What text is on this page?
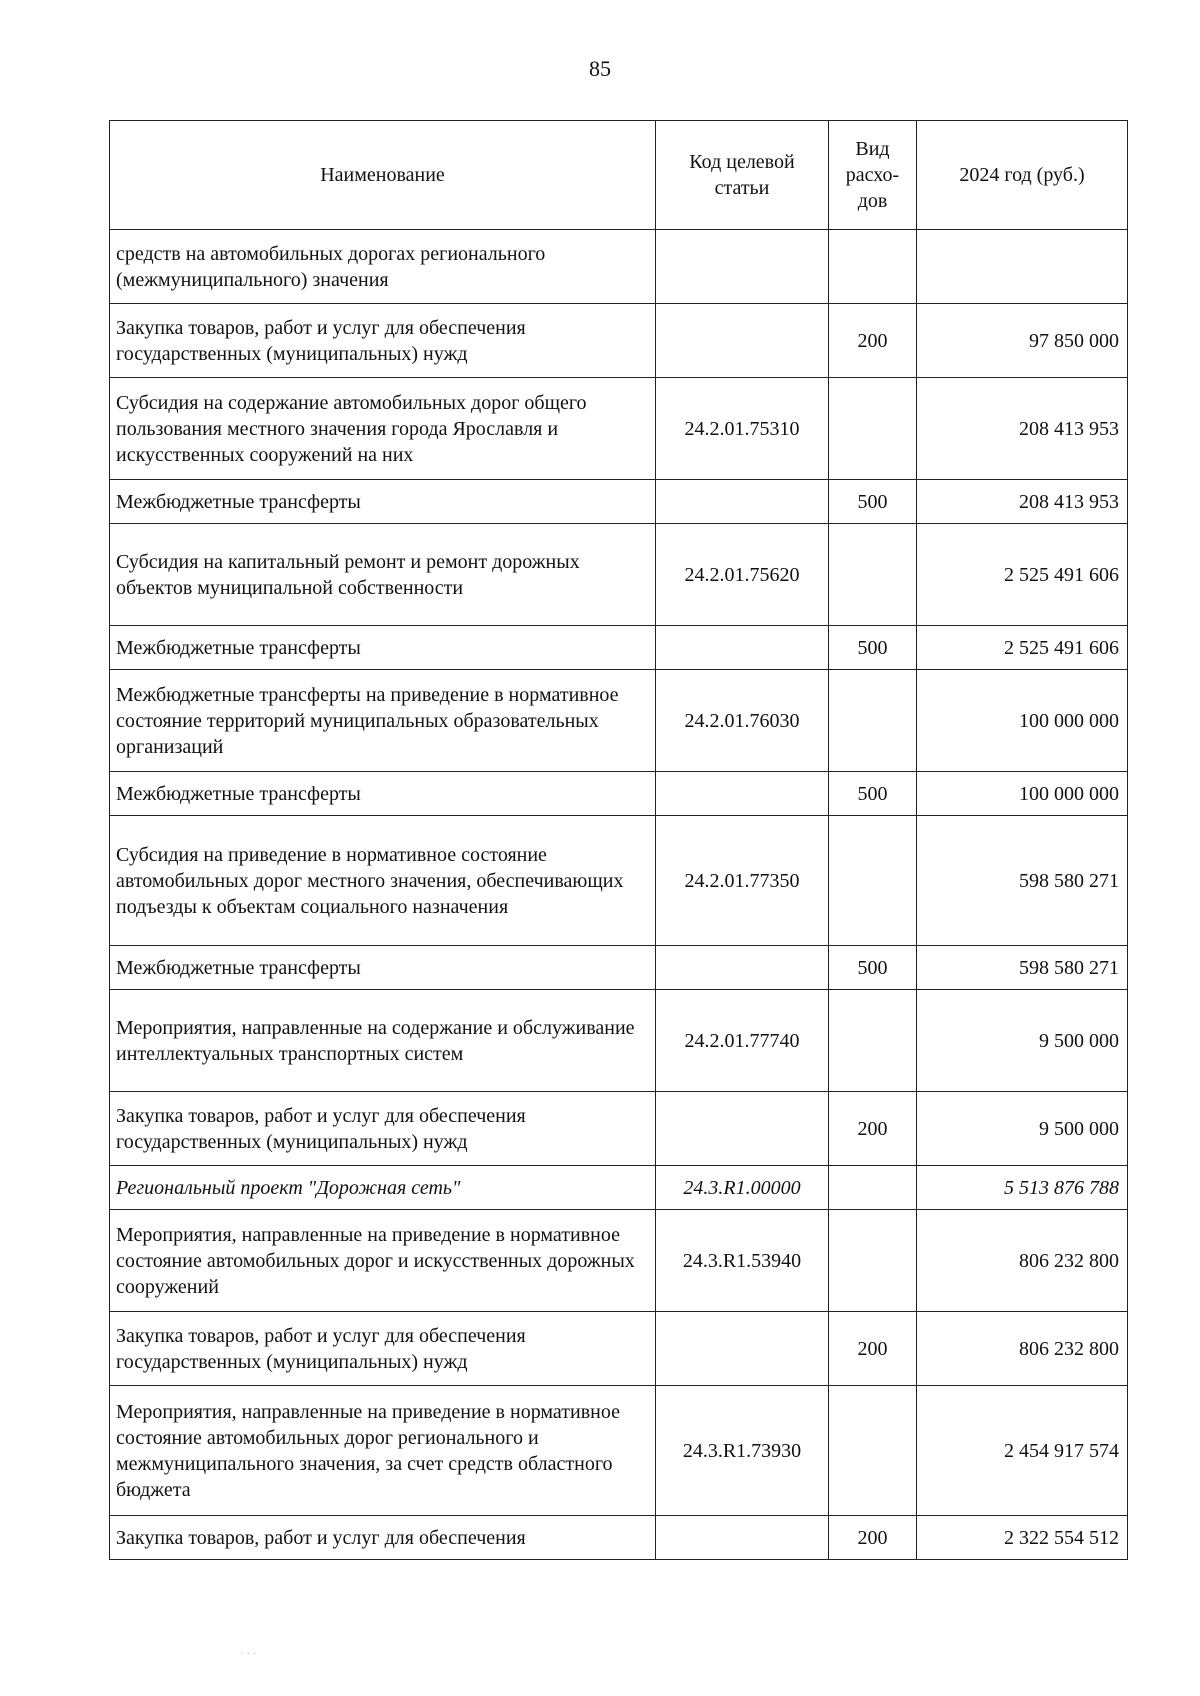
85
Наименование	Код целевой статьи	Вид расхо-дов	2024 год (руб.)
средств на автомобильных дорогах регионального (межмуниципального) значения			
Закупка товаров, работ и услуг для обеспечения государственных (муниципальных) нужд		200	97 850 000
Субсидия на содержание автомобильных дорог общего пользования местного значения города Ярославля и искусственных сооружений на них	24.2.01.75310		208 413 953
Межбюджетные трансферты		500	208 413 953
Субсидия на капитальный ремонт и ремонт дорожных объектов муниципальной собственности	24.2.01.75620		2 525 491 606
Межбюджетные трансферты		500	2 525 491 606
Межбюджетные трансферты на приведение в нормативное состояние территорий муниципальных образовательных организаций	24.2.01.76030		100 000 000
Межбюджетные трансферты		500	100 000 000
Субсидия на приведение в нормативное состояние автомобильных дорог местного значения, обеспечивающих подъезды к объектам социального назначения	24.2.01.77350		598 580 271
Межбюджетные трансферты		500	598 580 271
Мероприятия, направленные на содержание и обслуживание интеллектуальных транспортных систем	24.2.01.77740		9 500 000
Закупка товаров, работ и услуг для обеспечения государственных (муниципальных) нужд		200	9 500 000
Региональный проект "Дорожная сеть"	24.3.R1.00000		5 513 876 788
Мероприятия, направленные на приведение в нормативное состояние автомобильных дорог и искусственных дорожных сооружений	24.3.R1.53940		806 232 800
Закупка товаров, работ и услуг для обеспечения государственных (муниципальных) нужд		200	806 232 800
Мероприятия, направленные на приведение в нормативное состояние автомобильных дорог регионального и межмуниципального значения, за счет средств областного бюджета	24.3.R1.73930		2 454 917 574
Закупка товаров, работ и услуг для обеспечения		200	2 322 554 512
· · ·
